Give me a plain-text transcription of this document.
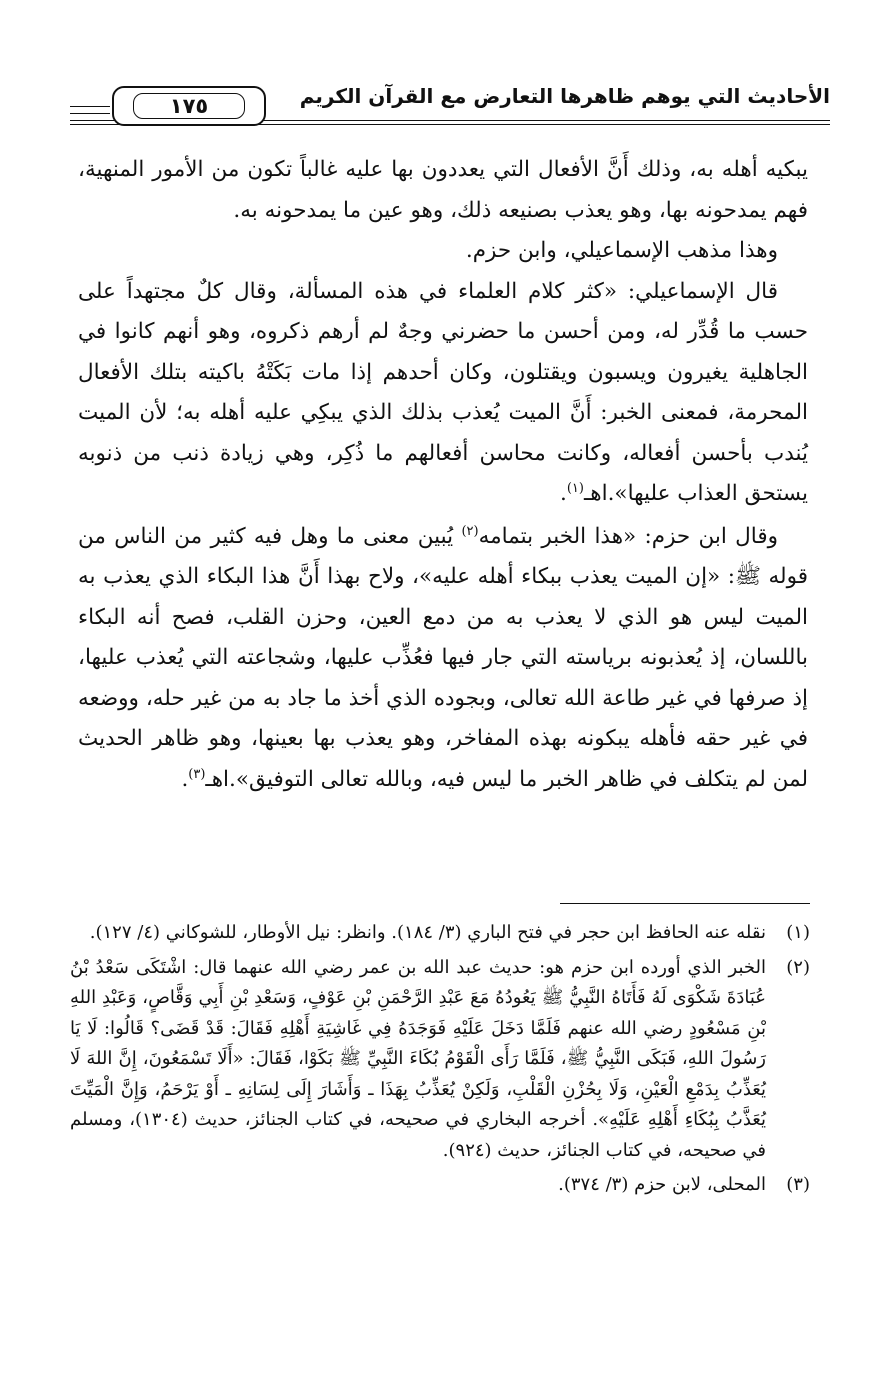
١٧٥	الأحاديث التي يوهم ظاهرها التعارض مع القرآن الكريم

يبكيه أهله به، وذلك أَنَّ الأفعال التي يعددون بها عليه غالباً تكون من الأمور المنهية، فهم يمدحونه بها، وهو يعذب بصنيعه ذلك، وهو عين ما يمدحونه به.

وهذا مذهب الإسماعيلي، وابن حزم.

قال الإسماعيلي: «كثر كلام العلماء في هذه المسألة، وقال كلٌ مجتهداً على حسب ما قُدِّر له، ومن أحسن ما حضرني وجهٌ لم أرهم ذكروه، وهو أنهم كانوا في الجاهلية يغيرون ويسبون ويقتلون، وكان أحدهم إذا مات بَكَتْهُ باكيته بتلك الأفعال المحرمة، فمعنى الخبر: أَنَّ الميت يُعذب بذلك الذي يبكِي عليه أهله به؛ لأن الميت يُندب بأحسن أفعاله، وكانت محاسن أفعالهم ما ذُكِر، وهي زيادة ذنب من ذنوبه يستحق العذاب عليها».اهـ$^{(١)}$.

وقال ابن حزم: «هذا الخبر بتمامه$^{(٢)}$ يُبين معنى ما وهل فيه كثير من الناس من قوله ﷺ: «إن الميت يعذب ببكاء أهله عليه»، ولاح بهذا أَنَّ هذا البكاء الذي يعذب به الميت ليس هو الذي لا يعذب به من دمع العين، وحزن القلب، فصح أنه البكاء باللسان، إذ يُعذبونه برياسته التي جار فيها فعُذِّب عليها، وشجاعته التي يُعذب عليها، إذ صرفها في غير طاعة الله تعالى، وبجوده الذي أخذ ما جاد به من غير حله، ووضعه في غير حقه فأهله يبكونه بهذه المفاخر، وهو يعذب بها بعينها، وهو ظاهر الحديث لمن لم يتكلف في ظاهر الخبر ما ليس فيه، وبالله تعالى التوفيق».اهـ$^{(٣)}$.

(١)
نقله عنه الحافظ ابن حجر في فتح الباري (٣/ ١٨٤). وانظر: نيل الأوطار، للشوكاني (٤/ ١٢٧).
(٢)
الخبر الذي أورده ابن حزم هو: حديث عبد الله بن عمر رضي الله عنهما قال: اشْتَكَى سَعْدُ بْنُ عُبَادَةَ شَكْوَى لَهُ فَأَتَاهُ النَّبِيُّ ﷺ يَعُودُهُ مَعَ عَبْدِ الرَّحْمَنِ بْنِ عَوْفٍ، وَسَعْدِ بْنِ أَبِي وَقَّاصٍ، وَعَبْدِ اللهِ بْنِ مَسْعُودٍ رضي الله عنهم فَلَمَّا دَخَلَ عَلَيْهِ فَوَجَدَهُ فِي غَاشِيَةِ أَهْلِهِ فَقَالَ: قَدْ قَضَى؟ قَالُوا: لَا يَا رَسُولَ اللهِ، فَبَكَى النَّبِيُّ ﷺ، فَلَمَّا رَأَى الْقَوْمُ بُكَاءَ النَّبِيِّ ﷺ بَكَوْا، فَقَالَ: «أَلَا تَسْمَعُونَ، إِنَّ اللهَ لَا يُعَذِّبُ بِدَمْعِ الْعَيْنِ، وَلَا بِحُزْنِ الْقَلْبِ، وَلَكِنْ يُعَذِّبُ بِهَذَا ـ وَأَشَارَ إِلَى لِسَانِهِ ـ أَوْ يَرْحَمُ، وَإِنَّ الْمَيِّتَ يُعَذَّبُ بِبُكَاءِ أَهْلِهِ عَلَيْهِ». أخرجه البخاري في صحيحه، في كتاب الجنائز، حديث (١٣٠٤)، ومسلم في صحيحه، في كتاب الجنائز، حديث (٩٢٤).
(٣)
المحلى، لابن حزم (٣/ ٣٧٤).
